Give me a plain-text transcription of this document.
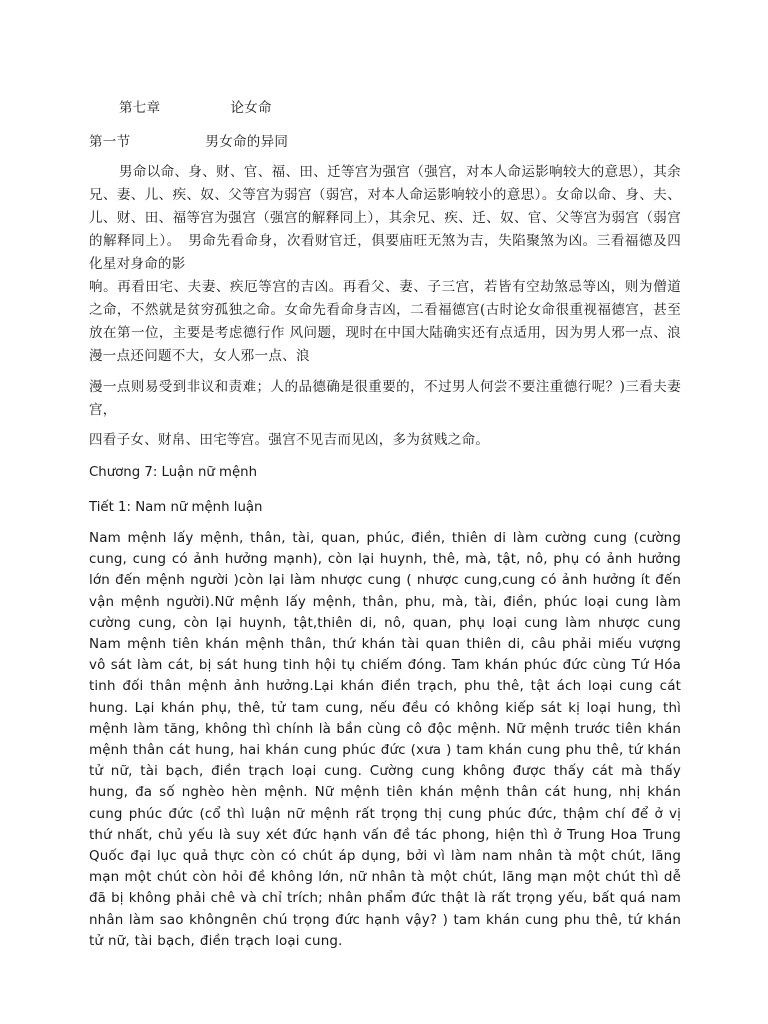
第七章	论女命
第一节	男女命的异同

男命以命、身、财、官、福、田、迁等宫为强宫（强宫，对本人命运影响较大的意思），其余兄、妻、儿、疾、奴、父等宫为弱宫（弱宫，对本人命运影响较小的意思）。女命以命、身、夫、儿、财、田、福等宫为强宫（强宫的解释同上），其余兄、疾、迁、奴、官、父等宫为弱宫（弱宫的解释同上）。　男命先看命身，次看财官迁，俱要庙旺无煞为吉，失陷聚煞为凶。三看福德及四化星对身命的影

响。再看田宅、夫妻、疾厄等宫的吉凶。再看父、妻、子三宫，若皆有空劫煞忌等凶，则为僧道之命，不然就是贫穷孤独之命。女命先看命身吉凶，二看福德宫(古时论女命很重视福德宫，甚至放在第一位，主要是考虑德行作 风问题，现时在中国大陆确实还有点适用，因为男人邪一点、浪漫一点还问题不大，女人邪一点、浪

漫一点则易受到非议和责难；人的品德确是很重要的，不过男人何尝不要注重德行呢？)三看夫妻宫，

四看子女、财帛、田宅等宫。强宫不见吉而见凶，多为贫贱之命。

Chương 7: Luận nữ mệnh
Tiết 1: Nam nữ mệnh luận

Nam mệnh lấy mệnh, thân, tài, quan, phúc, điền, thiên di làm cường cung (cường cung, cung có ảnh hưởng mạnh), còn lại huynh, thê, mà, tật, nô, phụ có ảnh hưởng lớn đến mệnh người )còn lại làm nhược cung ( nhược cung,cung có ảnh hưởng ít đến vận mệnh người).Nữ mệnh lấy mệnh, thân, phu, mà, tài, điền, phúc loại cung làm cường cung, còn lại huynh, tật,thiên di, nô, quan, phụ loại cung làm nhược cung Nam mệnh tiên khán mệnh thân, thứ khán tài quan thiên di, câu phải miếu vượng vô sát làm cát, bị sát hung tinh hội tụ chiếm đóng. Tam khán phúc đức cùng Tứ Hóa tinh đối thân mệnh ảnh hưởng.Lại khán điền trạch, phu thê, tật ách loại cung cát hung. Lại khán phụ, thê, tử tam cung, nếu đều có không kiếp sát kị loại hung, thì mệnh làm tăng, không thì chính là bần cùng cô độc mệnh. Nữ mệnh trước tiên khán mệnh thân cát hung, hai khán cung phúc đức (xưa ) tam khán cung phu thê, tứ khán tử nữ, tài bạch, điền trạch loại cung. Cường cung không được thấy cát mà thấy hung, đa số nghèo hèn mệnh. Nữ mệnh tiên khán mệnh thân cát hung, nhị khán cung phúc đức (cổ thì luận nữ mệnh rất trọng thị cung phúc đức, thậm chí để ở vị thứ nhất, chủ yếu là suy xét đức hạnh vấn đề tác phong, hiện thì ở Trung Hoa Trung Quốc đại lục quả thực còn có chút áp dụng, bởi vì làm nam nhân tà một chút, lãng mạn một chút còn hỏi đề không lớn, nữ nhân tà một chút, lãng mạn một chút thì dễ đã bị không phải chê và chỉ trích; nhân phẩm đức thật là rất trọng yếu, bất quá nam nhân làm sao khôngnên chú trọng đức hạnh vậy? ) tam khán cung phu thê, tứ khán tử nữ, tài bạch, điền trạch loại cung.
